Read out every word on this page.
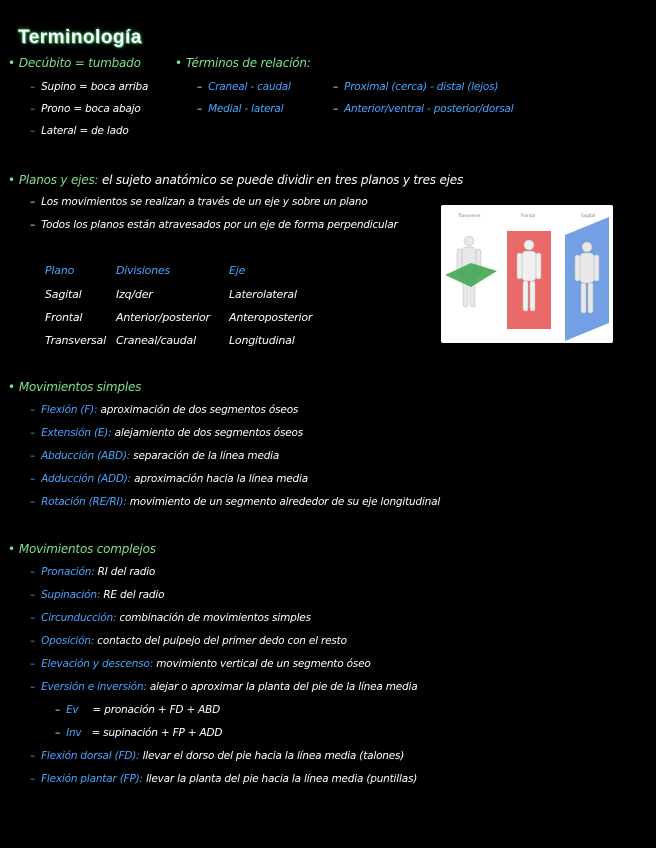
Terminología
• Decúbito = tumbado
– Supino = boca arriba
– Prono = boca abajo
– Lateral = de lado
• Términos de relación:
– Craneal - caudal
– Medial - lateral
– Proximal (cerca) - distal (lejos)
– Anterior/ventral - posterior/dorsal
• Planos y ejes: el sujeto anatómico se puede dividir en tres planos y tres ejes
– Los movimientos se realizan a través de un eje y sobre un plano
– Todos los planos están atravesados por un eje de forma perpendicular
Plano	Divisiones	Eje
Sagital	Izq/der	Laterolateral
Frontal	Anterior/posterior Anteroposterior
Transversal Craneal/caudal	Longitudinal
Transverse	Frontal	Sagital
• Movimientos simples
– Flexión (F): aproximación de dos segmentos óseos
– Extensión (E): alejamiento de dos segmentos óseos
– Abducción (ABD): separación de la línea media
– Adducción (ADD): aproximación hacia la línea media
– Rotación (RE/RI): movimiento de un segmento alrededor de su eje longitudinal
• Movimientos complejos
– Pronación: RI del radio
– Supinación: RE del radio
– Circunducción: combinación de movimientos simples
– Oposición: contacto del pulpejo del primer dedo con el resto
– Elevación y descenso: movimiento vertical de un segmento óseo
– Eversión e inversión: alejar o aproximar la planta del pie de la línea media
– Ev = pronación + FD + ABD
– Inv = supinación + FP + ADD
– Flexión dorsal (FD): llevar el dorso del pie hacia la línea media (talones)
– Flexión plantar (FP): llevar la planta del pie hacia la línea media (puntillas)
